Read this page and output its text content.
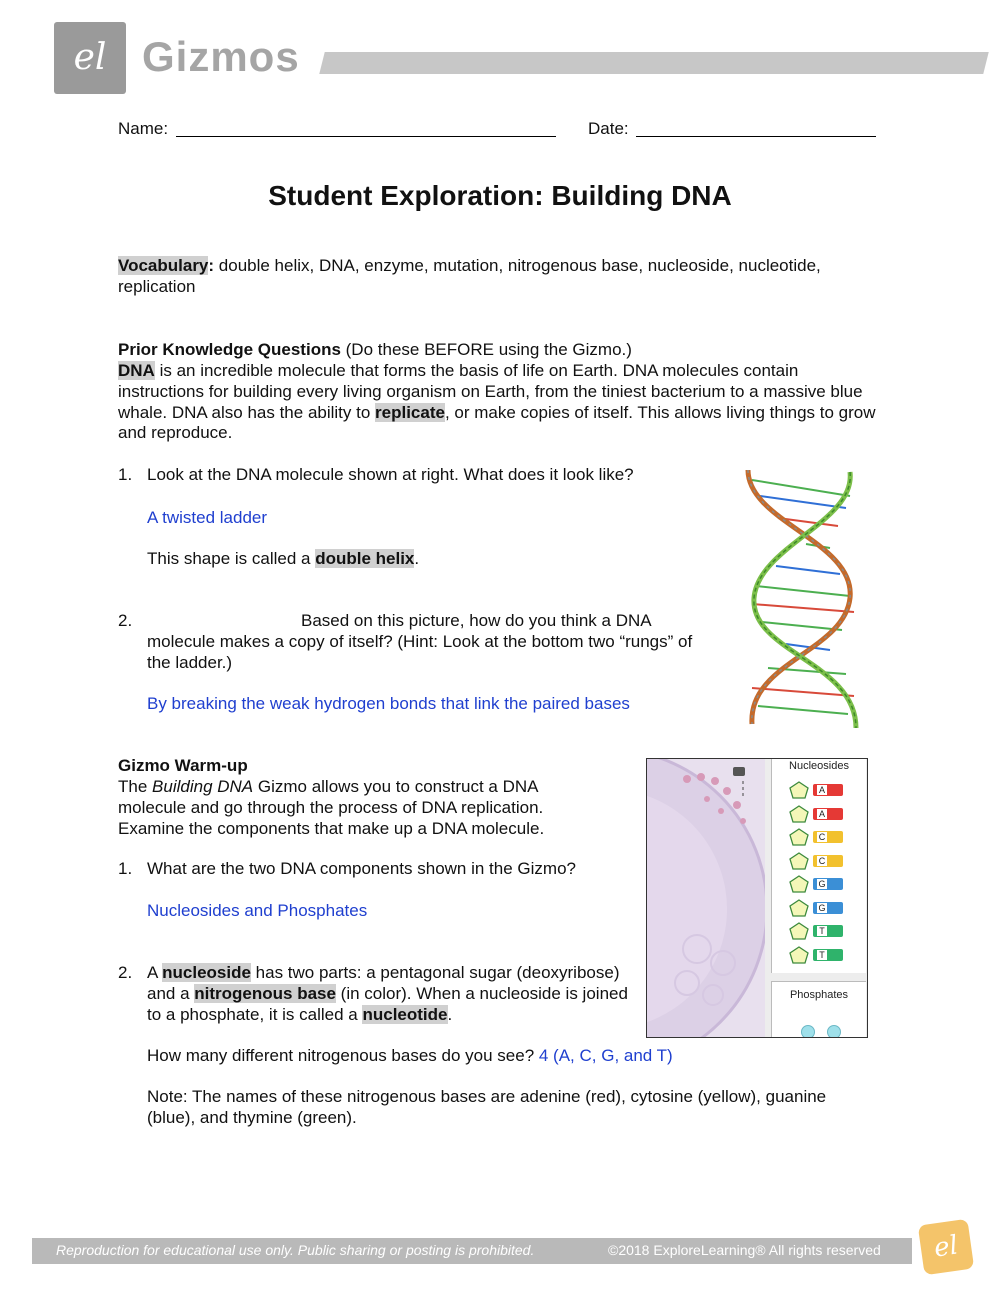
el Gizmos
Name:	Date:
Student Exploration: Building DNA
Vocabulary: double helix, DNA, enzyme, mutation, nitrogenous base, nucleoside, nucleotide, replication
Prior Knowledge Questions (Do these BEFORE using the Gizmo.)
DNA is an incredible molecule that forms the basis of life on Earth. DNA molecules contain instructions for building every living organism on Earth, from the tiniest bacterium to a massive blue whale. DNA also has the ability to replicate, or make copies of itself. This allows living things to grow and reproduce.
1. Look at the DNA molecule shown at right. What does it look like?
A twisted ladder
This shape is called a double helix.
2.	Based on this picture, how do you think a DNA molecule makes a copy of itself? (Hint: Look at the bottom two “rungs” of the ladder.)
By breaking the weak hydrogen bonds that link the paired bases
Gizmo Warm-up
The Building DNA Gizmo allows you to construct a DNA molecule and go through the process of DNA replication. Examine the components that make up a DNA molecule.
1. What are the two DNA components shown in the Gizmo?
Nucleosides and Phosphates
2. A nucleoside has two parts: a pentagonal sugar (deoxyribose) and a nitrogenous base (in color). When a nucleoside is joined to a phosphate, it is called a nucleotide.
How many different nitrogenous bases do you see? 4 (A, C, G, and T)
Note: The names of these nitrogenous bases are adenine (red), cytosine (yellow), guanine (blue), and thymine (green).
Nucleosides
Phosphates
A
A
C
C
G
G
T
T
Reproduction for educational use only. Public sharing or posting is prohibited.	©2018 ExploreLearning® All rights reserved	el
